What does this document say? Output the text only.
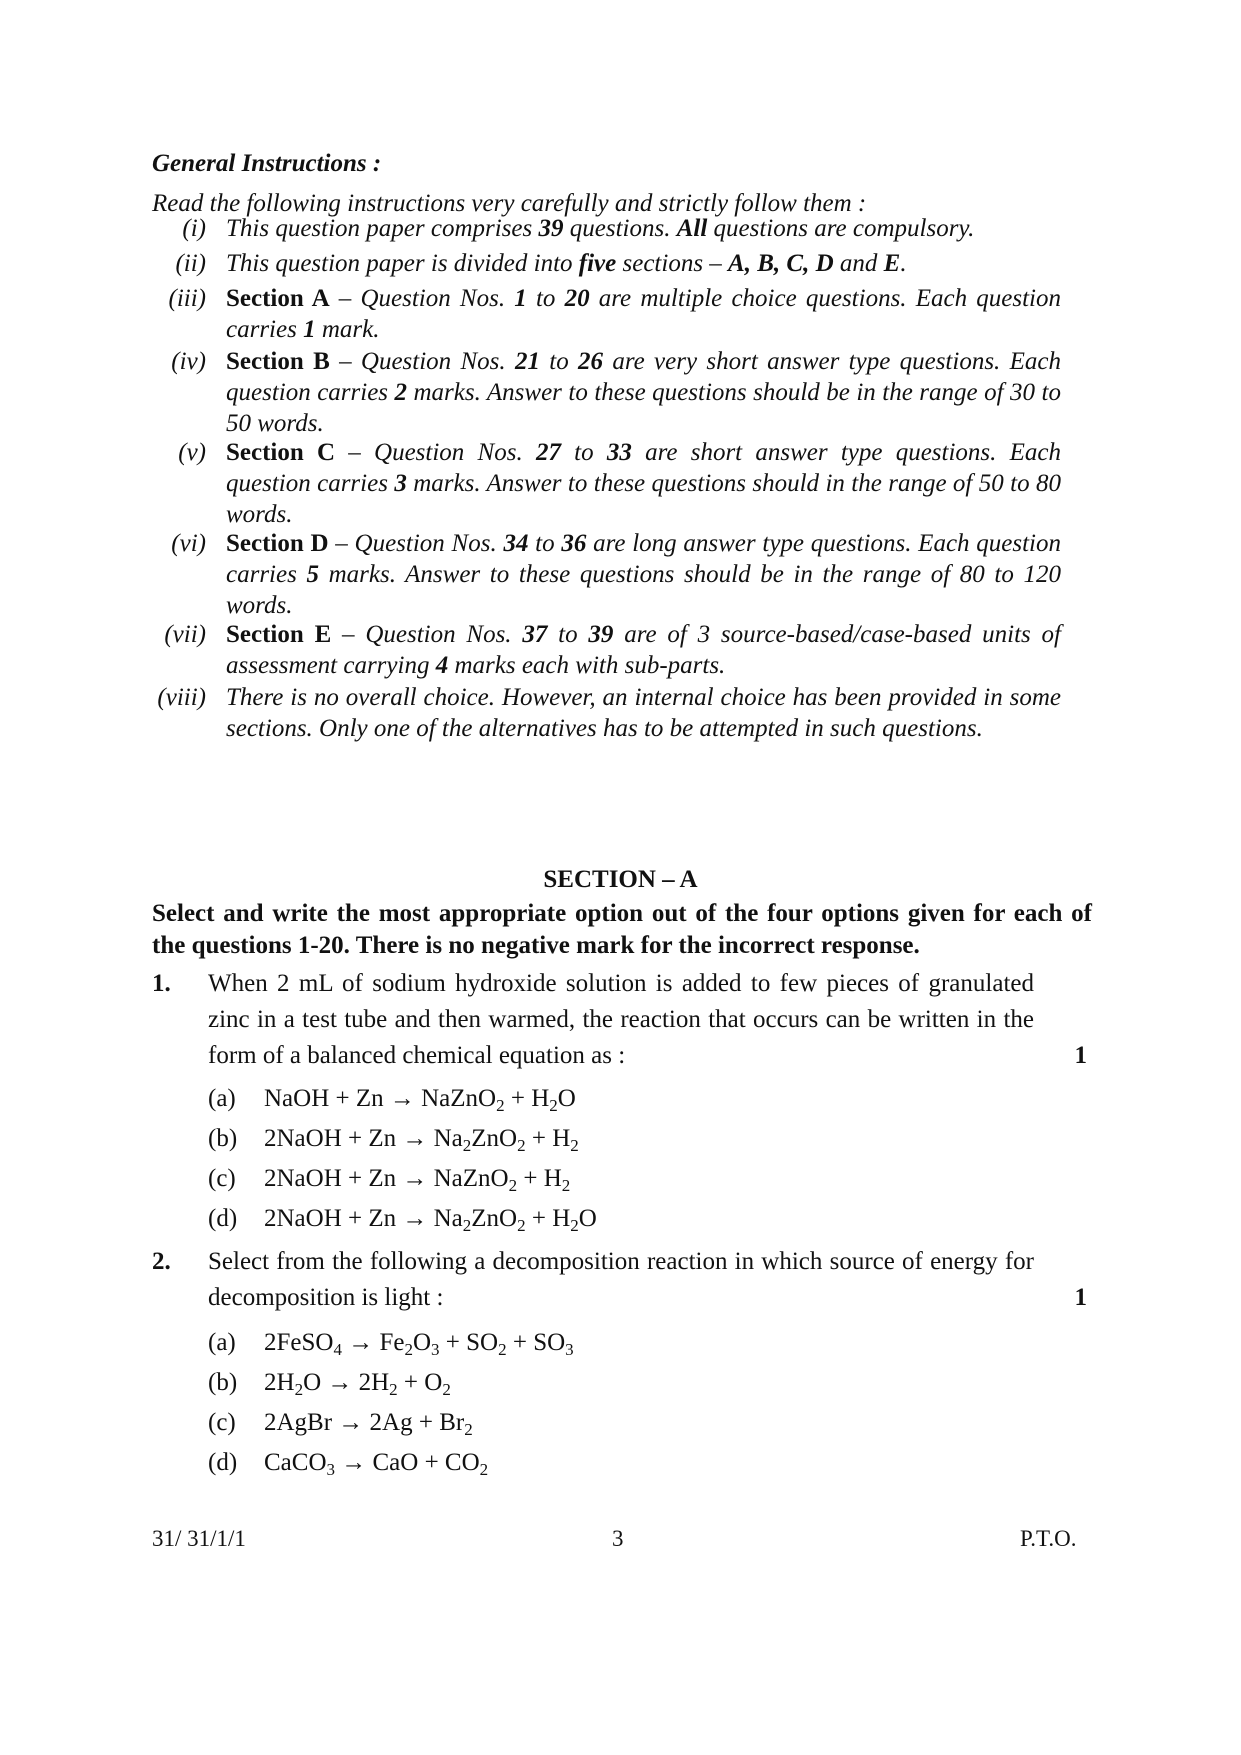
General Instructions :
Read the following instructions very carefully and strictly follow them :
(i) This question paper comprises 39 questions. All questions are compulsory.
(ii) This question paper is divided into five sections – A, B, C, D and E.
(iii) Section A – Question Nos. 1 to 20 are multiple choice questions. Each question carries 1 mark.
(iv) Section B – Question Nos. 21 to 26 are very short answer type questions. Each question carries 2 marks. Answer to these questions should be in the range of 30 to 50 words.
(v) Section C – Question Nos. 27 to 33 are short answer type questions. Each question carries 3 marks. Answer to these questions should in the range of 50 to 80 words.
(vi) Section D – Question Nos. 34 to 36 are long answer type questions. Each question carries 5 marks. Answer to these questions should be in the range of 80 to 120 words.
(vii) Section E – Question Nos. 37 to 39 are of 3 source-based/case-based units of assessment carrying 4 marks each with sub-parts.
(viii) There is no overall choice. However, an internal choice has been provided in some sections. Only one of the alternatives has to be attempted in such questions.
SECTION – A
Select and write the most appropriate option out of the four options given for each of the questions 1-20. There is no negative mark for the incorrect response.
1. When 2 mL of sodium hydroxide solution is added to few pieces of granulated zinc in a test tube and then warmed, the reaction that occurs can be written in the form of a balanced chemical equation as :	1
(a) NaOH + Zn → NaZnO$_2$ + $H_2O$
(b) 2NaOH + $Zn \to Na_2ZnO_2 + H_2$
(c) 2NaOH + Zn → NaZnO$_2$ + $H_2$
(d) 2NaOH + $Zn \to Na_2ZnO_2 + H_2O$
2. Select from the following a decomposition reaction in which source of energy for decomposition is light :	1
(a) 2FeSO$_4$ → $Fe_2O_3 + SO_2 + SO_3$
(b) $2H_2O \to 2H_2 + O_2$
(c) 2AgBr → $2Ag + Br_2$
(d) CaCO$_3$ → CaO + $CO_2$
31/ 31/1/1	3	P.T.O.
